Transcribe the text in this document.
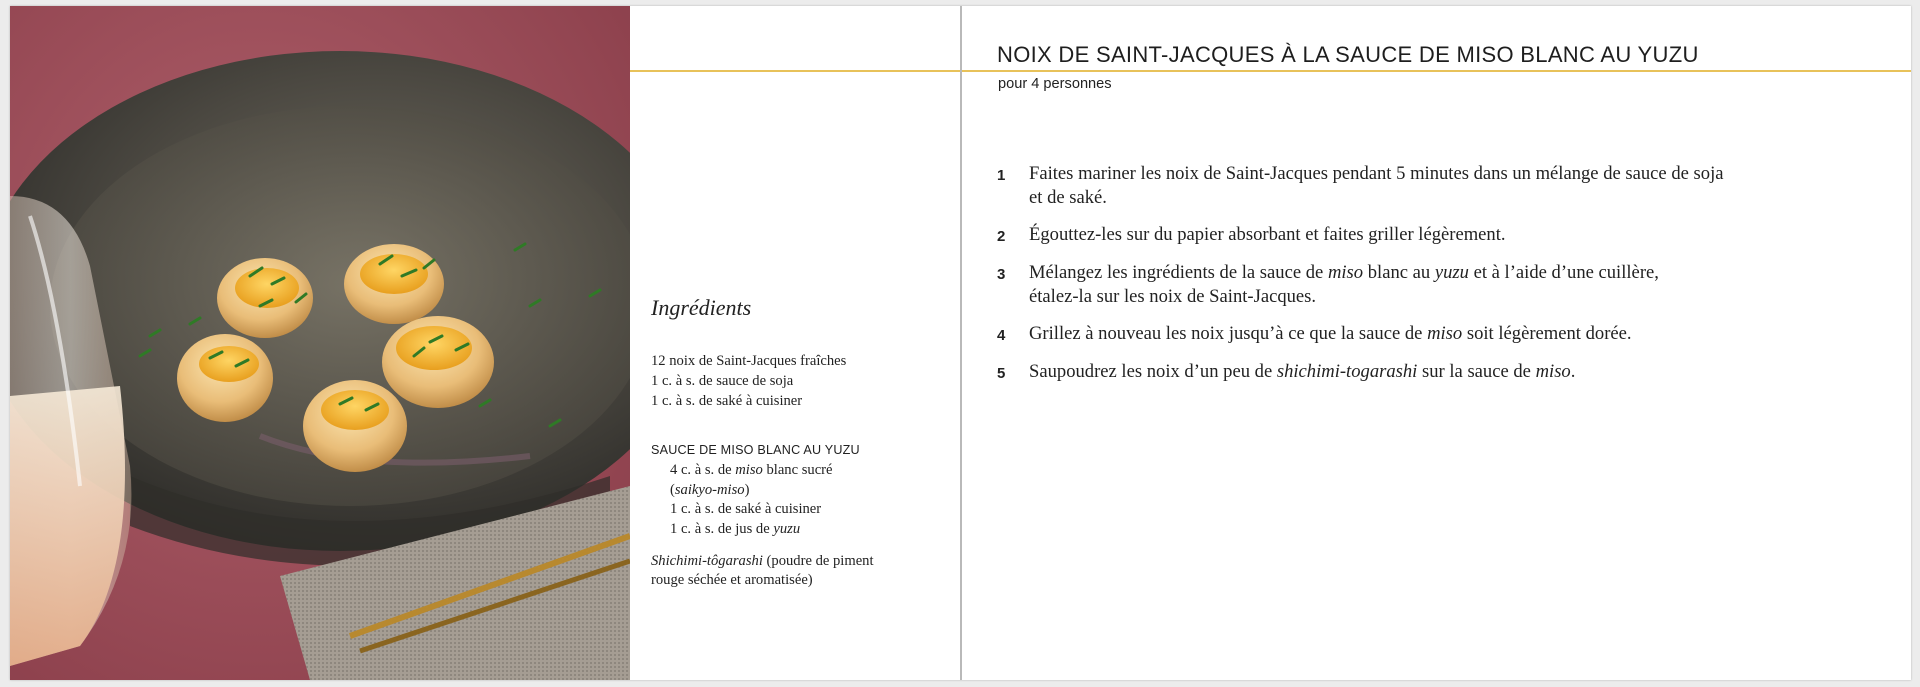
Ingrédients
12 noix de Saint-Jacques fraîches
1 c. à s. de sauce de soja
1 c. à s. de saké à cuisiner
SAUCE DE MISO BLANC AU YUZU
4 c. à s. de miso blanc sucré
(saikyo-miso)
1 c. à s. de saké à cuisiner
1 c. à s. de jus de yuzu
Shichimi-tôgarashi (poudre de piment
rouge séchée et aromatisée)
NOIX DE SAINT-JACQUES À LA SAUCE DE MISO BLANC AU YUZU
pour 4 personnes
1	Faites mariner les noix de Saint-Jacques pendant 5 minutes dans un mélange de sauce de soja
et de saké.
2	Égouttez-les sur du papier absorbant et faites griller légèrement.
3	Mélangez les ingrédients de la sauce de miso blanc au yuzu et à l’aide d’une cuillère,
étalez-la sur les noix de Saint-Jacques.
4	Grillez à nouveau les noix jusqu’à ce que la sauce de miso soit légèrement dorée.
5	Saupoudrez les noix d’un peu de shichimi-togarashi sur la sauce de miso.
